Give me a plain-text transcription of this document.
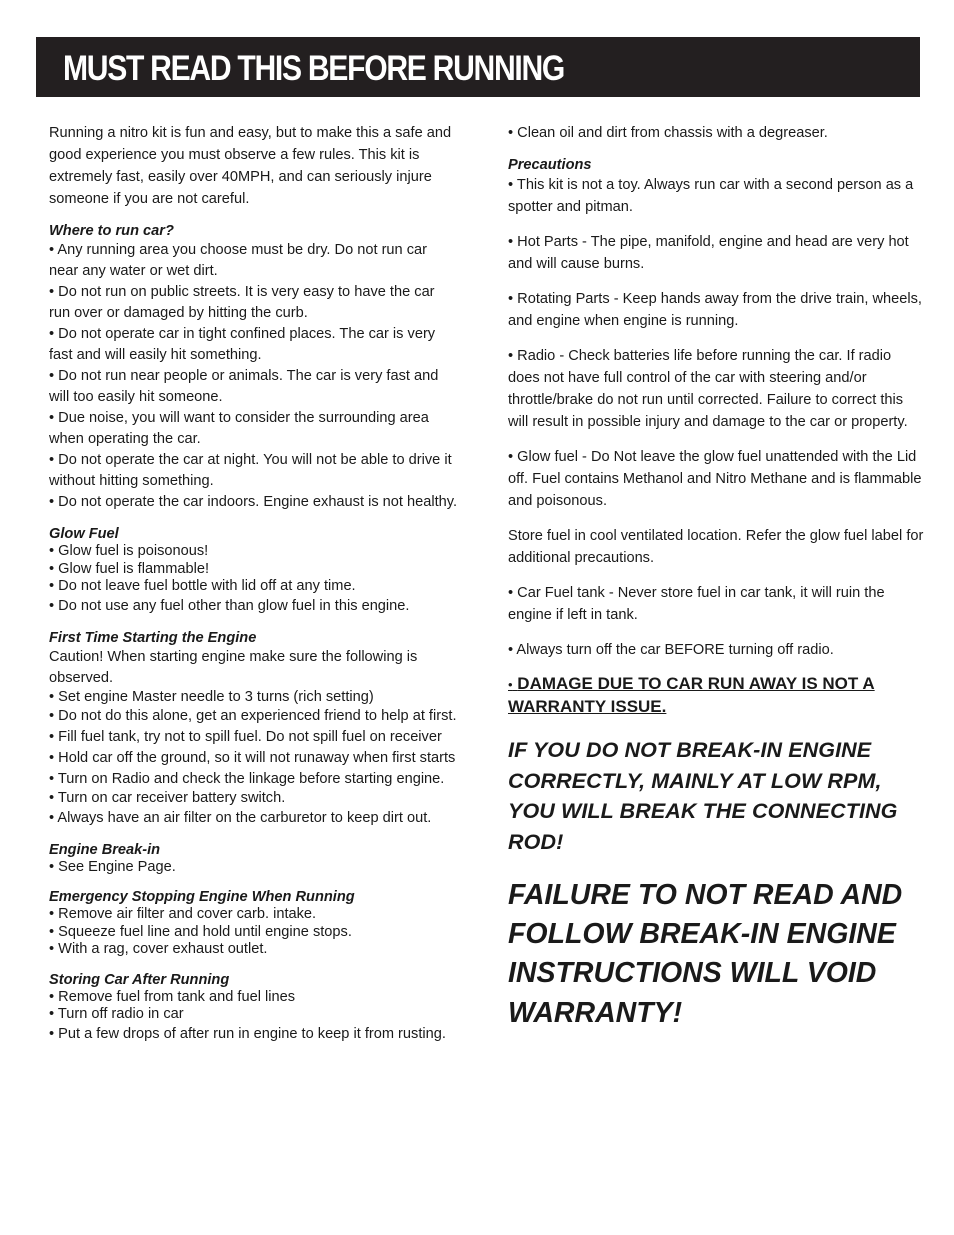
MUST READ THIS BEFORE RUNNING

Running a nitro kit is fun and easy, but to make this a safe and good experience you must observe a few rules. This kit is extremely fast, easily over 40MPH, and can seriously injure someone if you are not careful.

Where to run car?

• Any running area you choose must be dry. Do not run car near any water or wet dirt.
• Do not run on public streets. It is very easy to have the car run over or damaged by hitting the curb.
• Do not operate car in tight confined places. The car is very fast and will easily hit something.
• Do not run near people or animals. The car is very fast and will too easily hit someone.
• Due noise, you will want to consider the surrounding area when operating the car.
• Do not operate the car at night. You will not be able to drive it without hitting something.
• Do not operate the car indoors. Engine exhaust is not healthy.

Glow Fuel

• Glow fuel is poisonous!
• Glow fuel is flammable!
• Do not leave fuel bottle with lid off at any time.
• Do not use any fuel other than glow fuel in this engine.

First Time Starting the Engine

Caution! When starting engine make sure the following is observed.
• Set engine Master needle to 3 turns (rich setting)
• Do not do this alone, get an experienced friend to help at first.
• Fill fuel tank, try not to spill fuel. Do not spill fuel on receiver
• Hold car off the ground, so it will not runaway when first starts
• Turn on Radio and check the linkage before starting engine.
• Turn on car receiver battery switch.
• Always have an air filter on the carburetor to keep dirt out.

Engine Break-in

• See Engine Page.

Emergency Stopping Engine When Running

• Remove air filter and cover carb. intake.
• Squeeze fuel line and hold until engine stops.
• With a rag, cover exhaust outlet.

Storing Car After Running

• Remove fuel from tank and fuel lines
• Turn off radio in car
• Put a few drops of after run in engine to keep it from rusting.

• Clean oil and dirt from chassis with a degreaser.

Precautions

• This kit is not a toy. Always run car with a second person as a spotter and pitman.

• Hot Parts - The pipe, manifold, engine and head are very hot and will cause burns.

• Rotating Parts - Keep hands away from the drive train, wheels, and engine when engine is running.

• Radio - Check batteries life before running the car. If radio does not have full control of the car with steering and/or throttle/brake do not run until corrected. Failure to correct this will result in possible injury and damage to the car or property.

• Glow fuel - Do Not leave the glow fuel unattended with the Lid off. Fuel contains Methanol and Nitro Methane and is flammable and poisonous.

Store fuel in cool ventilated location. Refer the glow fuel label for additional precautions.

• Car Fuel tank - Never store fuel in car tank, it will ruin the engine if left in tank.

• Always turn off the car BEFORE turning off radio.

• DAMAGE DUE TO CAR RUN AWAY IS NOT A WARRANTY ISSUE.

IF YOU DO NOT BREAK-IN ENGINE CORRECTLY, MAINLY AT LOW RPM, YOU WILL BREAK THE CONNECTING ROD!

FAILURE TO NOT READ AND FOLLOW BREAK-IN ENGINE INSTRUCTIONS WILL VOID WARRANTY!
